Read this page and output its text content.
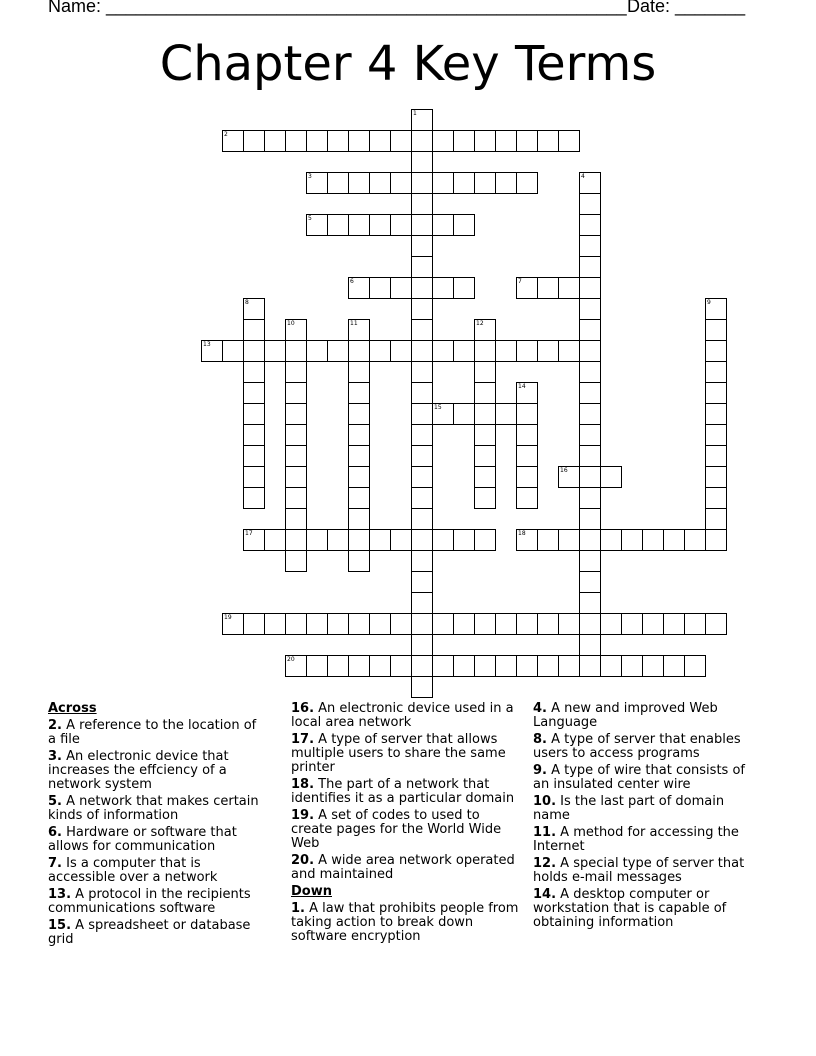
Name: ____________________________________________________ Date: _______
Chapter 4 Key Terms
1
2
3	4
5
6	7
8	9
10	11	12
13
14
15
16
17	18
19
20
Across
2. A reference to the location of a file
3. An electronic device that increases the effciency of a network system
5. A network that makes certain kinds of information
6. Hardware or software that allows for communication
7. Is a computer that is accessible over a network
13. A protocol in the recipients communications software
15. A spreadsheet or database grid
16. An electronic device used in a local area network
17. A type of server that allows multiple users to share the same printer
18. The part of a network that identifies it as a particular domain
19. A set of codes to used to create pages for the World Wide Web
20. A wide area network operated and maintained
Down
1. A law that prohibits people from taking action to break down software encryption
4. A new and improved Web Language
8. A type of server that enables users to access programs
9. A type of wire that consists of an insulated center wire
10. Is the last part of domain name
11. A method for accessing the Internet
12. A special type of server that holds e-mail messages
14. A desktop computer or workstation that is capable of obtaining information
